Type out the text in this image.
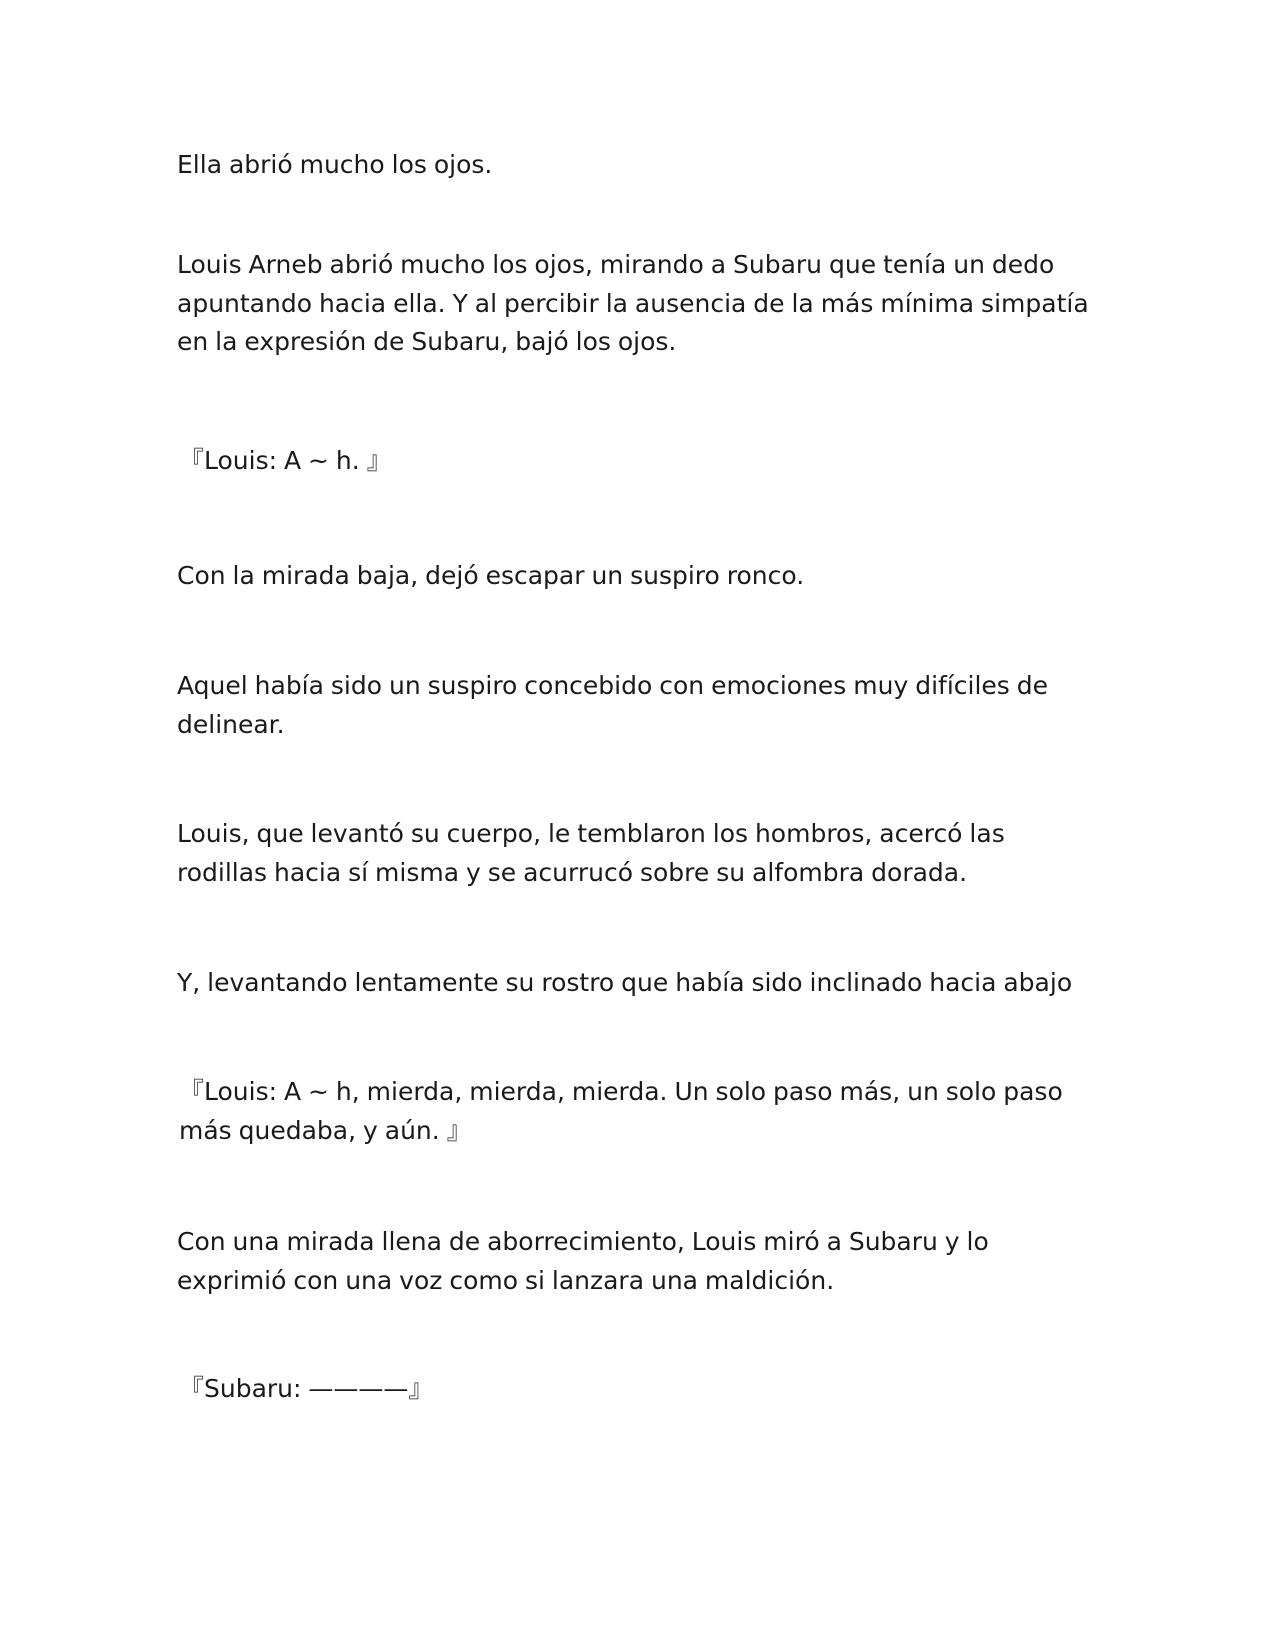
Ella abrió mucho los ojos.

Louis Arneb abrió mucho los ojos, mirando a Subaru que tenía un dedo apuntando hacia ella. Y al percibir la ausencia de la más mínima simpatía en la expresión de Subaru, bajó los ojos.

『Louis: A ~ h. 』

Con la mirada baja, dejó escapar un suspiro ronco.

Aquel había sido un suspiro concebido con emociones muy difíciles de delinear.

Louis, que levantó su cuerpo, le temblaron los hombros, acercó las rodillas hacia sí misma y se acurrucó sobre su alfombra dorada.

Y, levantando lentamente su rostro que había sido inclinado hacia abajo

『Louis: A ~ h, mierda, mierda, mierda. Un solo paso más, un solo paso más quedaba, y aún. 』

Con una mirada llena de aborrecimiento, Louis miró a Subaru y lo exprimió con una voz como si lanzara una maldición.

『Subaru: ————』
